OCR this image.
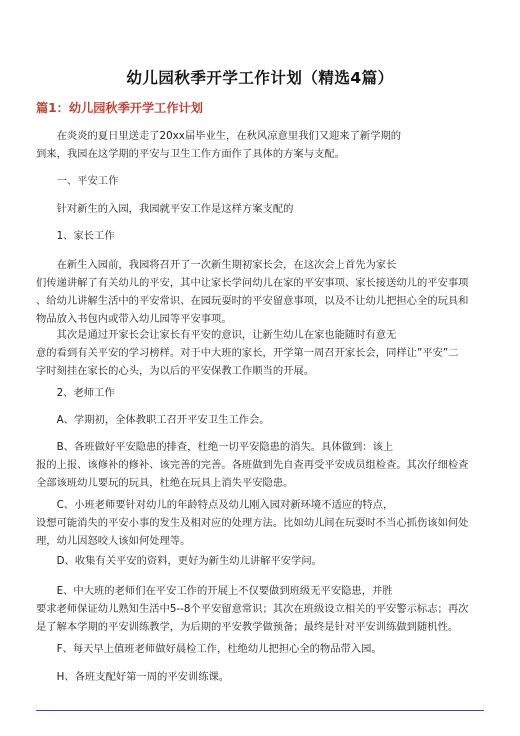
幼儿园秋季开学工作计划（精选4篇）
篇1：幼儿园秋季开学工作计划
　　在炎炎的夏日里送走了20xx届毕业生，在秋风凉意里我们又迎来了新学期的
到来，我园在这学期的平安与卫生工作方面作了具体的方案与支配。
　　一、平安工作
　　针对新生的入园，我园就平安工作是这样方案支配的
　　1、家长工作
　　在新生入园前，我园将召开了一次新生期初家长会，在这次会上首先为家长
们传递讲解了有关幼儿的平安，其中让家长学问幼儿在家的平安事项、家长接送幼儿的平安事项
、给幼儿讲解生活中的平安常识、在园玩耍时的平安留意事项，以及不让幼儿把担心全的玩具和
物品放入书包内或带入幼儿园等平安事项。
　　其次是通过开家长会让家长有平安的意识，让新生幼儿在家也能随时有意无
意的看到有关平安的学习榜样。对于中大班的家长，开学第一周召开家长会，同样让”平安”二
字时刻挂在家长的心头，为以后的平安保教工作顺当的开展。
　　2、老师工作
　　A、学期初，全体教职工召开平安卫生工作会。
　　B、各班做好平安隐患的排查，杜绝一切平安隐患的消失。具体做到：该上
报的上报、该修补的修补、该完善的完善。各班做到先自查再受平安成员组检查。其次仔细检查
全部该班幼儿要玩的玩具，杜绝在玩具上消失平安隐患。
　　C、小班老师要针对幼儿的年龄特点及幼儿刚入园对新环境不适应的特点，
设想可能消失的平安小事的发生及相对应的处理方法。比如幼儿间在玩耍时不当心抓伤该如何处
理，幼儿因怒咬人该如何处理等。
　　D、收集有关平安的资料，更好为新生幼儿讲解平安学问。
　　E、中大班的老师们在平安工作的开展上不仅要做到班级无平安隐患，并胜
要求老师保证幼儿熟知生活中5--8个平安留意常识；其次在班级设立相关的平安警示标志；再次
是了解本学期的平安训练教学，为后期的平安教学做预备；最终是针对平安训练做到随机性。
　　F、每天早上值班老师做好晨检工作，杜绝幼儿把担心全的物品带入园。
　　H、各班支配好第一周的平安训练课。
